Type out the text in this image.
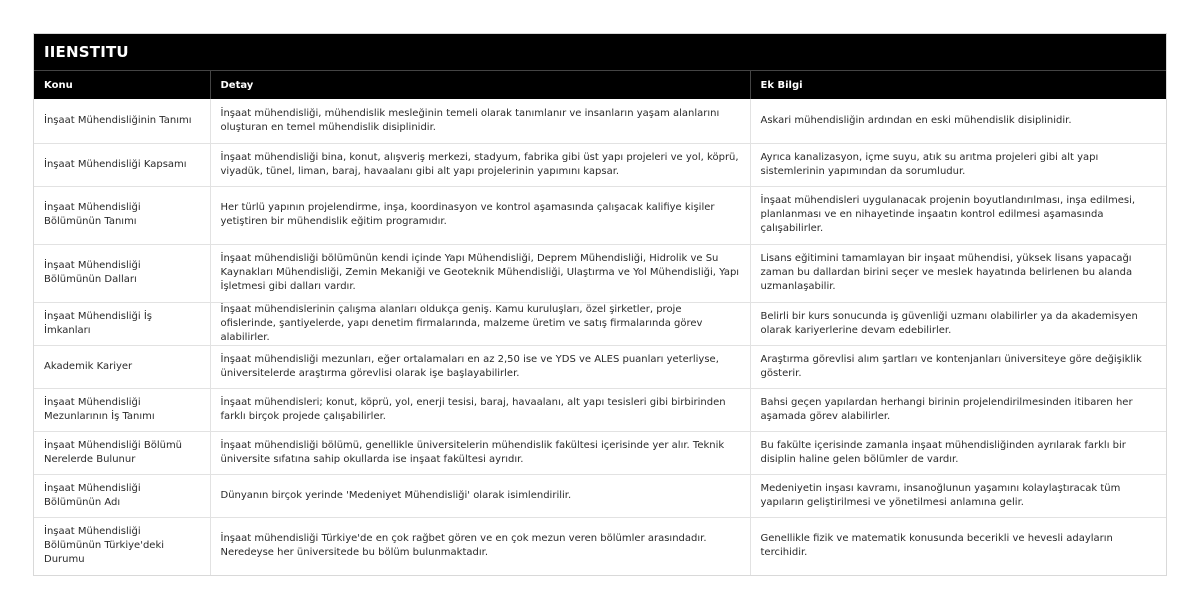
IIENSTITU
Konu	Detay	Ek Bilgi
İnşaat Mühendisliğinin Tanımı	İnşaat mühendisliği, mühendislik mesleğinin temeli olarak tanımlanır ve insanların yaşam alanlarını oluşturan en temel mühendislik disiplinidir.	Askari mühendisliğin ardından en eski mühendislik disiplinidir.
İnşaat Mühendisliği Kapsamı	İnşaat mühendisliği bina, konut, alışveriş merkezi, stadyum, fabrika gibi üst yapı projeleri ve yol, köprü, viyadük, tünel, liman, baraj, havaalanı gibi alt yapı projelerinin yapımını kapsar.	Ayrıca kanalizasyon, içme suyu, atık su arıtma projeleri gibi alt yapı sistemlerinin yapımından da sorumludur.
İnşaat Mühendisliği Bölümünün Tanımı	Her türlü yapının projelendirme, inşa, koordinasyon ve kontrol aşamasında çalışacak kalifiye kişiler yetiştiren bir mühendislik eğitim programıdır.	İnşaat mühendisleri uygulanacak projenin boyutlandırılması, inşa edilmesi, planlanması ve en nihayetinde inşaatın kontrol edilmesi aşamasında çalışabilirler.
İnşaat Mühendisliği Bölümünün Dalları	İnşaat mühendisliği bölümünün kendi içinde Yapı Mühendisliği, Deprem Mühendisliği, Hidrolik ve Su Kaynakları Mühendisliği, Zemin Mekaniği ve Geoteknik Mühendisliği, Ulaştırma ve Yol Mühendisliği, Yapı İşletmesi gibi dalları vardır.	Lisans eğitimini tamamlayan bir inşaat mühendisi, yüksek lisans yapacağı zaman bu dallardan birini seçer ve meslek hayatında belirlenen bu alanda uzmanlaşabilir.
İnşaat Mühendisliği İş İmkanları	İnşaat mühendislerinin çalışma alanları oldukça geniş. Kamu kuruluşları, özel şirketler, proje ofislerinde, şantiyelerde, yapı denetim firmalarında, malzeme üretim ve satış firmalarında görev alabilirler.	Belirli bir kurs sonucunda iş güvenliği uzmanı olabilirler ya da akademisyen olarak kariyerlerine devam edebilirler.
Akademik Kariyer	İnşaat mühendisliği mezunları, eğer ortalamaları en az 2,50 ise ve YDS ve ALES puanları yeterliyse, üniversitelerde araştırma görevlisi olarak işe başlayabilirler.	Araştırma görevlisi alım şartları ve kontenjanları üniversiteye göre değişiklik gösterir.
İnşaat Mühendisliği Mezunlarının İş Tanımı	İnşaat mühendisleri; konut, köprü, yol, enerji tesisi, baraj, havaalanı, alt yapı tesisleri gibi birbirinden farklı birçok projede çalışabilirler.	Bahsi geçen yapılardan herhangi birinin projelendirilmesinden itibaren her aşamada görev alabilirler.
İnşaat Mühendisliği Bölümü Nerelerde Bulunur	İnşaat mühendisliği bölümü, genellikle üniversitelerin mühendislik fakültesi içerisinde yer alır. Teknik üniversite sıfatına sahip okullarda ise inşaat fakültesi ayrıdır.	Bu fakülte içerisinde zamanla inşaat mühendisliğinden ayrılarak farklı bir disiplin haline gelen bölümler de vardır.
İnşaat Mühendisliği Bölümünün Adı	Dünyanın birçok yerinde 'Medeniyet Mühendisliği' olarak isimlendirilir.	Medeniyetin inşası kavramı, insanoğlunun yaşamını kolaylaştıracak tüm yapıların geliştirilmesi ve yönetilmesi anlamına gelir.
İnşaat Mühendisliği Bölümünün Türkiye'deki Durumu	İnşaat mühendisliği Türkiye'de en çok rağbet gören ve en çok mezun veren bölümler arasındadır. Neredeyse her üniversitede bu bölüm bulunmaktadır.	Genellikle fizik ve matematik konusunda becerikli ve hevesli adayların tercihidir.
